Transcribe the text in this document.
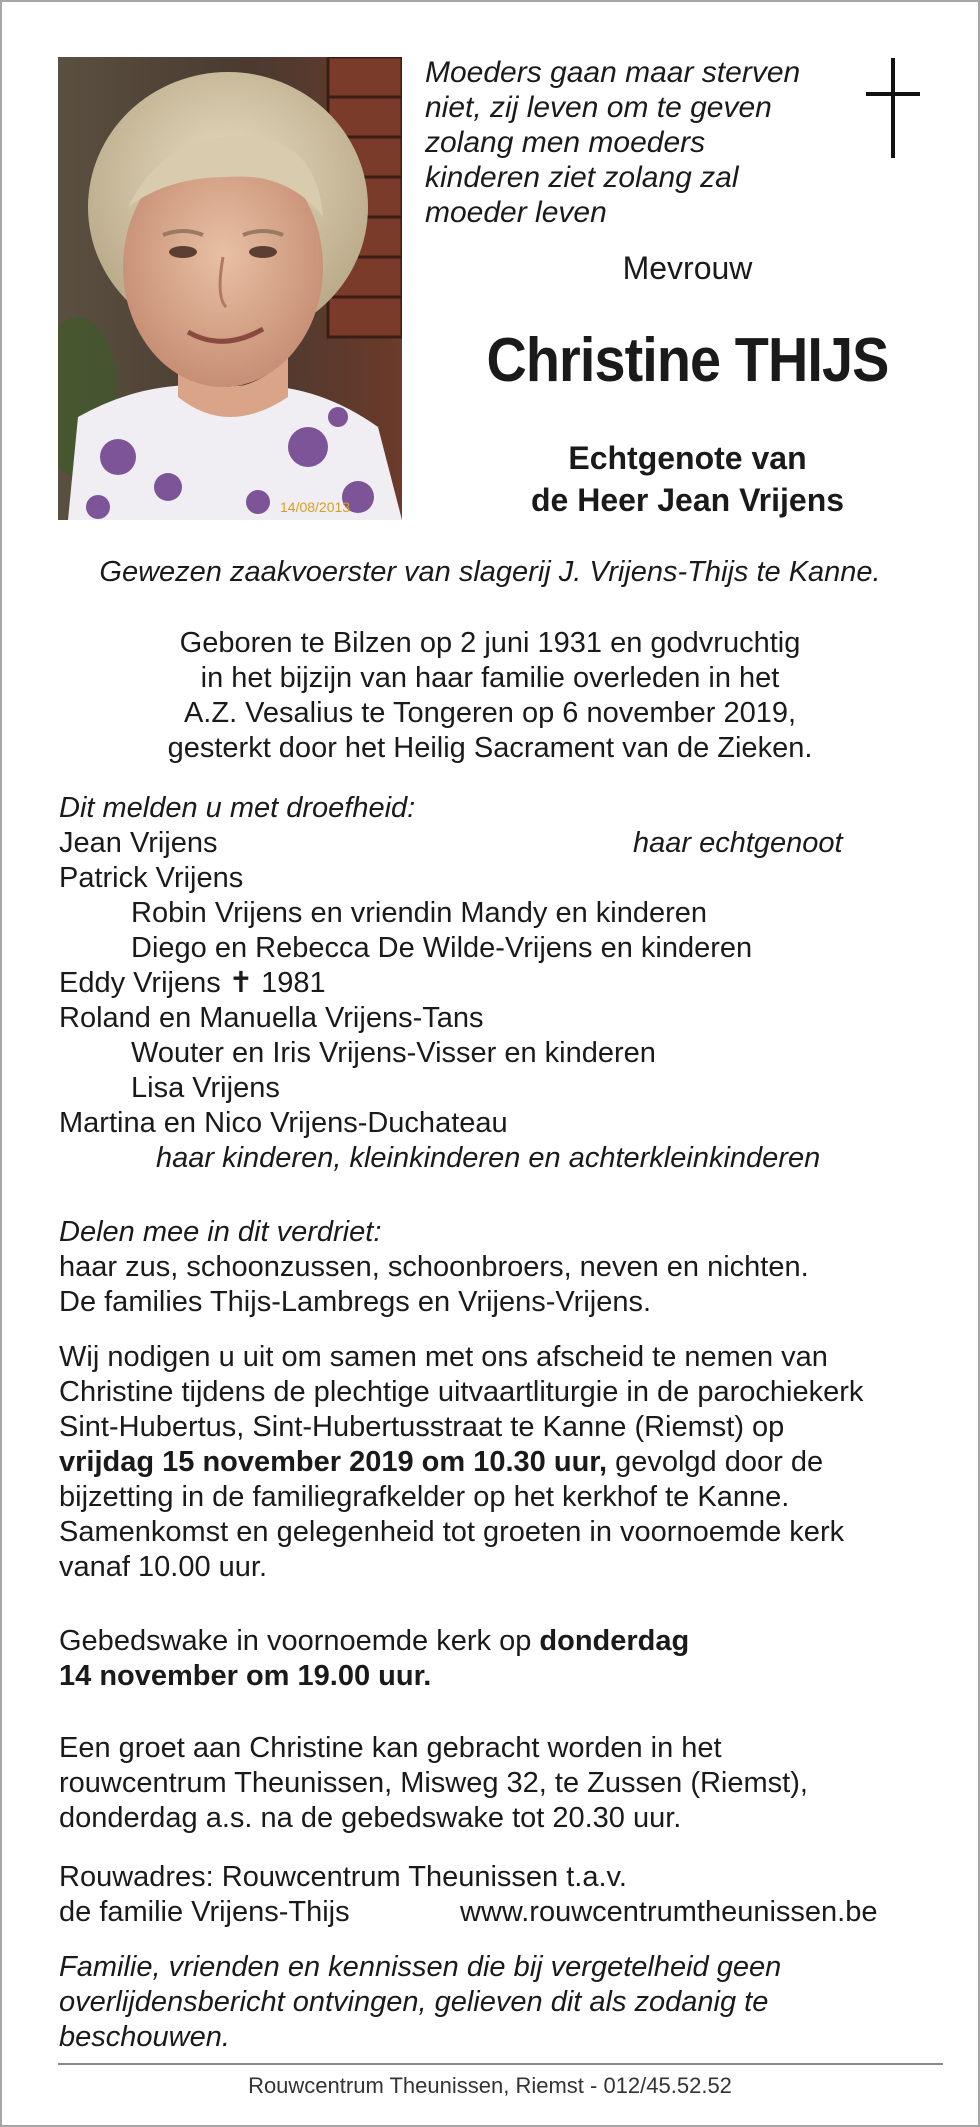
14/08/2013

Moeders gaan maar sterven
niet, zij leven om te geven
zolang men moeders
kinderen ziet zolang zal
moeder leven

Mevrouw
Christine THIJS
Echtgenote van
de Heer Jean Vrijens
Gewezen zaakvoerster van slagerij J. Vrijens-Thijs te Kanne.
Geboren te Bilzen op 2 juni 1931 en godvruchtig
in het bijzijn van haar familie overleden in het
A.Z. Vesalius te Tongeren op 6 november 2019,
gesterkt door het Heilig Sacrament van de Zieken.
Dit melden u met droefheid:
Jean Vrijens	haar echtgenoot
Patrick Vrijens
Robin Vrijens en vriendin Mandy en kinderen
Diego en Rebecca De Wilde-Vrijens en kinderen
Eddy Vrijens ✝ 1981
Roland en Manuella Vrijens-Tans
Wouter en Iris Vrijens-Visser en kinderen
Lisa Vrijens
Martina en Nico Vrijens-Duchateau
haar kinderen, kleinkinderen en achterkleinkinderen
Delen mee in dit verdriet:
haar zus, schoonzussen, schoonbroers, neven en nichten.
De families Thijs-Lambregs en Vrijens-Vrijens.
Wij nodigen u uit om samen met ons afscheid te nemen van
Christine tijdens de plechtige uitvaartliturgie in de parochiekerk
Sint-Hubertus, Sint-Hubertusstraat te Kanne (Riemst) op
vrijdag 15 november 2019 om 10.30 uur, gevolgd door de
bijzetting in de familiegrafkelder op het kerkhof te Kanne.
Samenkomst en gelegenheid tot groeten in voornoemde kerk
vanaf 10.00 uur.
Gebedswake in voornoemde kerk op donderdag
14 november om 19.00 uur.
Een groet aan Christine kan gebracht worden in het
rouwcentrum Theunissen, Misweg 32, te Zussen (Riemst),
donderdag a.s. na de gebedswake tot 20.30 uur.
Rouwadres: Rouwcentrum Theunissen t.a.v.
de familie Vrijens-Thijs	www.rouwcentrumtheunissen.be
Familie, vrienden en kennissen die bij vergetelheid geen
overlijdensbericht ontvingen, gelieven dit als zodanig te
beschouwen.
Rouwcentrum Theunissen, Riemst - 012/45.52.52
